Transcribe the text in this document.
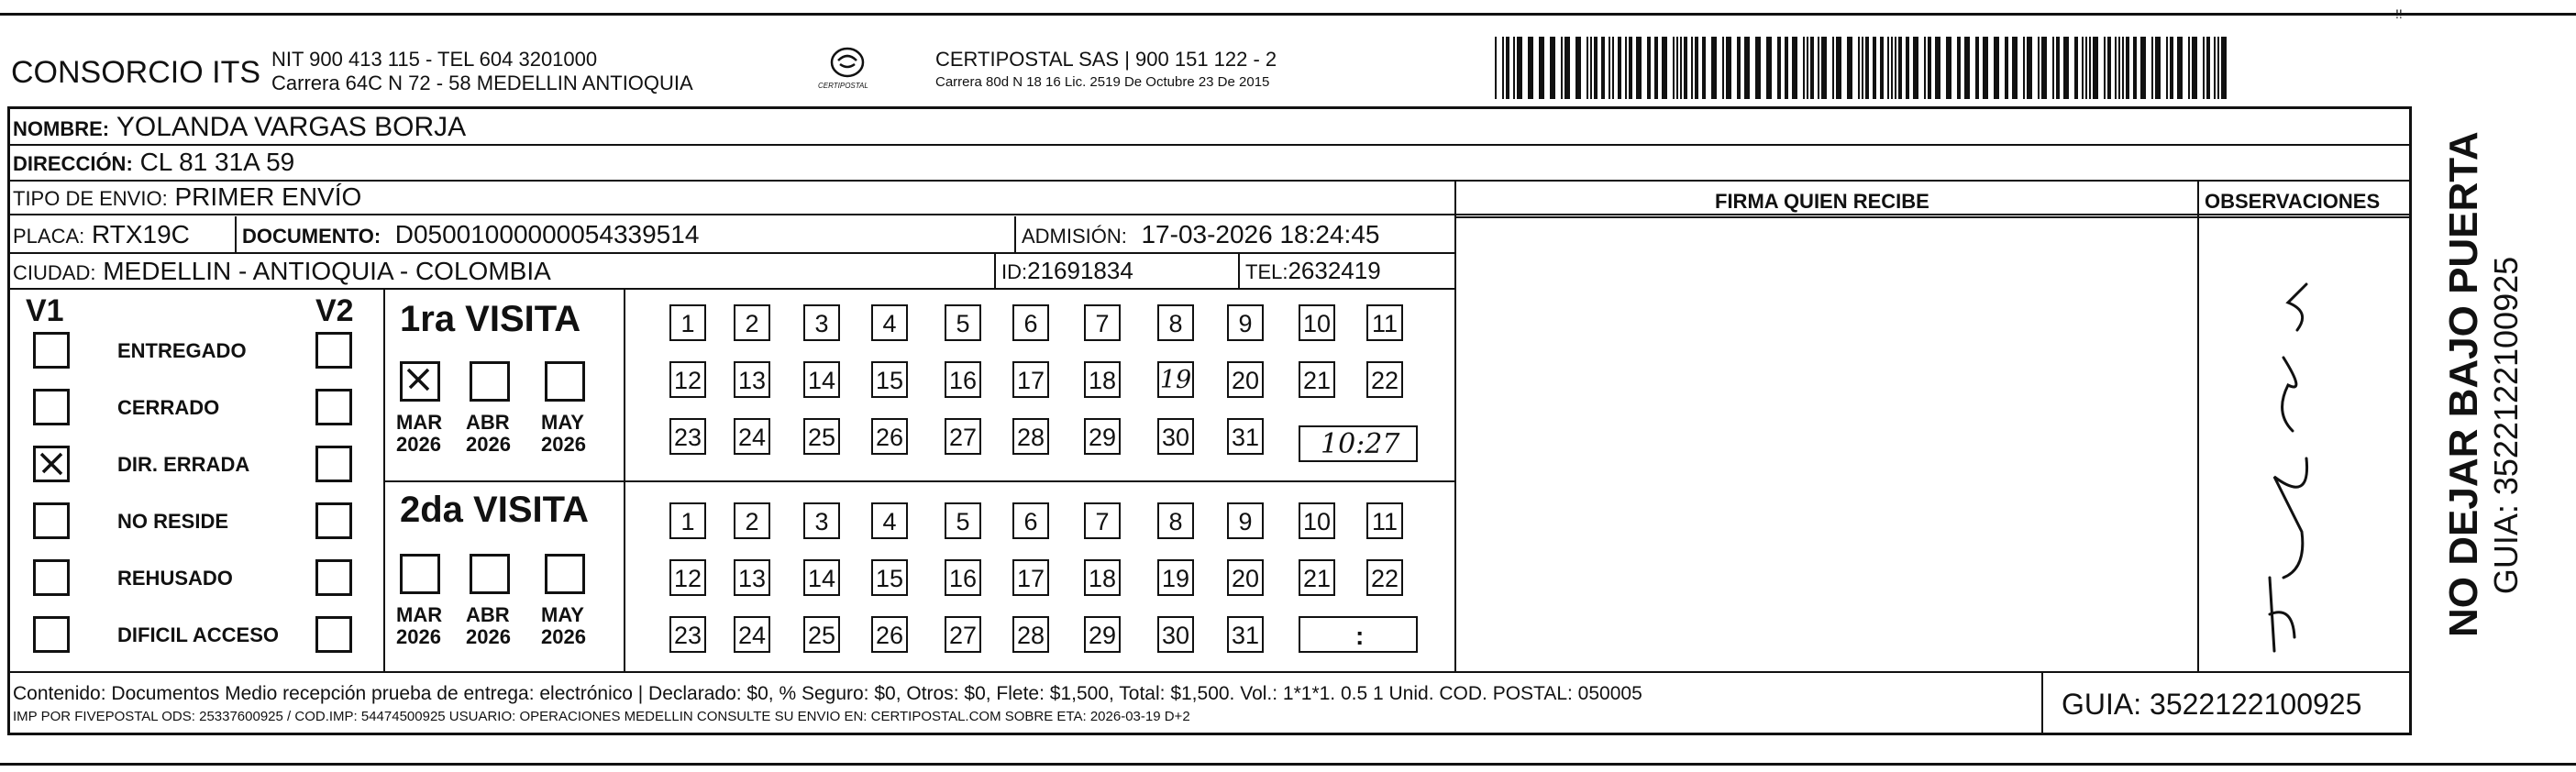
CONSORCIO ITS NIT 900 413 115 - TEL 604 3201000
Carrera 64C N 72 - 58 MEDELLIN ANTIOQUIA	CERTIPOSTAL
CERTIPOSTAL SAS | 900 151 122 - 2
Carrera 80d N 18 16 Lic. 2519 De Octubre 23 De 2015
!!
NOMBRE: YOLANDA VARGAS BORJA
DIRECCIÓN: CL 81 31A 59
TIPO DE ENVIO: PRIMER ENVÍO
PLACA: RTX19C	DOCUMENTO: D05001000000054339514	ADMISIÓN: 17-03-2026 18:24:45
CIUDAD: MEDELLIN - ANTIOQUIA - COLOMBIA	ID:21691834	TEL:2632419
FIRMA QUIEN RECIBE	OBSERVACIONES NO DEJAR BAJO PUERTA GUIA: 3522122100925
V1	V2
ENTREGADO
CERRADO
DIR. ERRADA
NO RESIDE
REHUSADO
DIFICIL ACCESO
1ra VISITA
MAR
2026
ABR
2026
MAY
2026
1	2	3	4	5	6	7	8	9	10 11
12 13 14 15 16 17 18 19 20 21 22
23 24 25 26 27 28 29 30 31 10:27
2da VISITA
MAR
2026
ABR
2026
MAY
2026
1	2	3	4	5	6	7	8	9	10 11
12 13 14 15 16 17 18 19 20 21 22
23 24 25 26 27 28 29 30 31	:
Contenido: Documentos Medio recepción prueba de entrega: electrónico | Declarado: $0, % Seguro: $0, Otros: $0, Flete: $1,500, Total: $1,500. Vol.: 1*1*1. 0.5 1 Unid. COD. POSTAL: 050005
IMP POR FIVEPOSTAL ODS: 25337600925 / COD.IMP: 54474500925 USUARIO: OPERACIONES MEDELLIN CONSULTE SU ENVIO EN: CERTIPOSTAL.COM SOBRE ETA: 2026-03-19 D+2	GUIA: 3522122100925
